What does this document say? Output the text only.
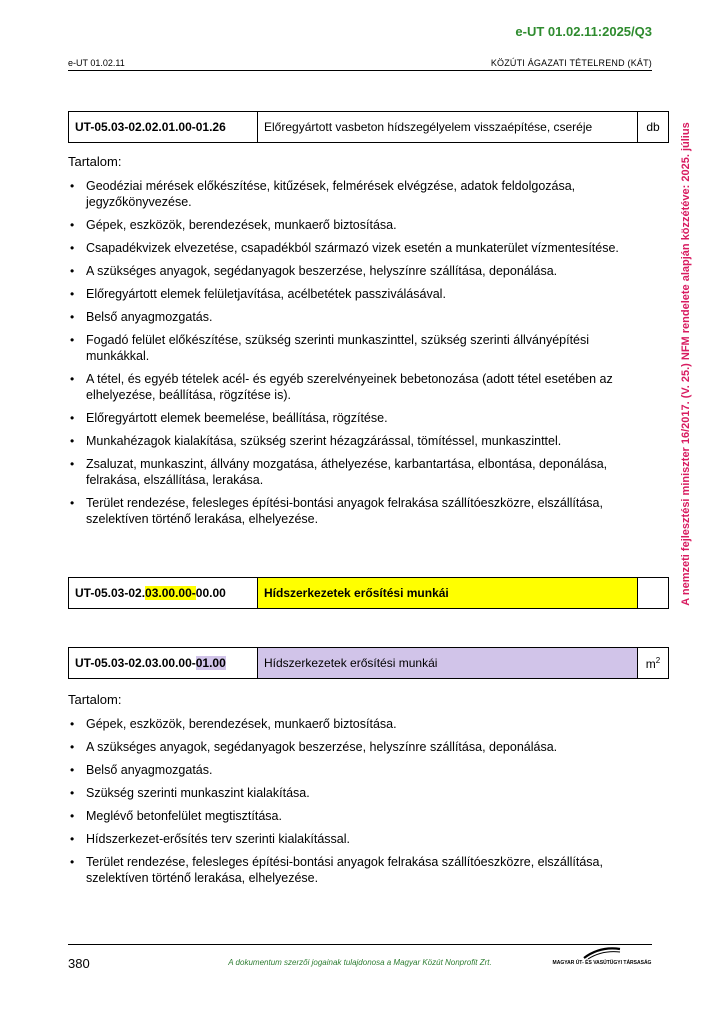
e-UT 01.02.11:2025/Q3
e-UT 01.02.11	KÖZÚTI ÁGAZATI TÉTELREND (KÁT)
A nemzeti fejlesztési miniszter 16/2017. (V. 25.) NFM rendelete alapján közzétéve: 2025. július
UT-05.03-02.02.01.00-01.26	Előregyártott vasbeton hídszegélyelem visszaépítése, cseréje	db
Tartalom:
• Geodéziai mérések előkészítése, kitűzések, felmérések elvégzése, adatok feldolgozása, jegyzőkönyvezése.
• Gépek, eszközök, berendezések, munkaerő biztosítása.
• Csapadékvizek elvezetése, csapadékból származó vizek esetén a munkaterület vízmentesítése.
• A szükséges anyagok, segédanyagok beszerzése, helyszínre szállítása, deponálása.
• Előregyártott elemek felületjavítása, acélbetétek passziválásával.
• Belső anyagmozgatás.
• Fogadó felület előkészítése, szükség szerinti munkaszinttel, szükség szerinti állványépítési munkákkal.
• A tétel, és egyéb tételek acél- és egyéb szerelvényeinek bebetonozása (adott tétel esetében az elhelyezése, beállítása, rögzítése is).
• Előregyártott elemek beemelése, beállítása, rögzítése.
• Munkahézagok kialakítása, szükség szerint hézagzárással, tömítéssel, munkaszinttel.
• Zsaluzat, munkaszint, állvány mozgatása, áthelyezése, karbantartása, elbontása, deponálása, felrakása, elszállítása, lerakása.
• Terület rendezése, felesleges építési-bontási anyagok felrakása szállítóeszközre, elszállítása, szelektíven történő lerakása, elhelyezése.
UT-05.03-02.03.00.00-00.00	Hídszerkezetek erősítési munkái	
UT-05.03-02.03.00.00-01.00	Hídszerkezetek erősítési munkái	$m^2$
Tartalom:
• Gépek, eszközök, berendezések, munkaerő biztosítása.
• A szükséges anyagok, segédanyagok beszerzése, helyszínre szállítása, deponálása.
• Belső anyagmozgatás.
• Szükség szerinti munkaszint kialakítása.
• Meglévő betonfelület megtisztítása.
• Hídszerkezet-erősítés terv szerinti kialakítással.
• Terület rendezése, felesleges építési-bontási anyagok felrakása szállítóeszközre, elszállítása, szelektíven történő lerakása, elhelyezése.
380	A dokumentum szerzői jogainak tulajdonosa a Magyar Közút Nonprofit Zrt.	MAGYAR ÚT- ÉS VASÚTÜGYI TÁRSASÁG
